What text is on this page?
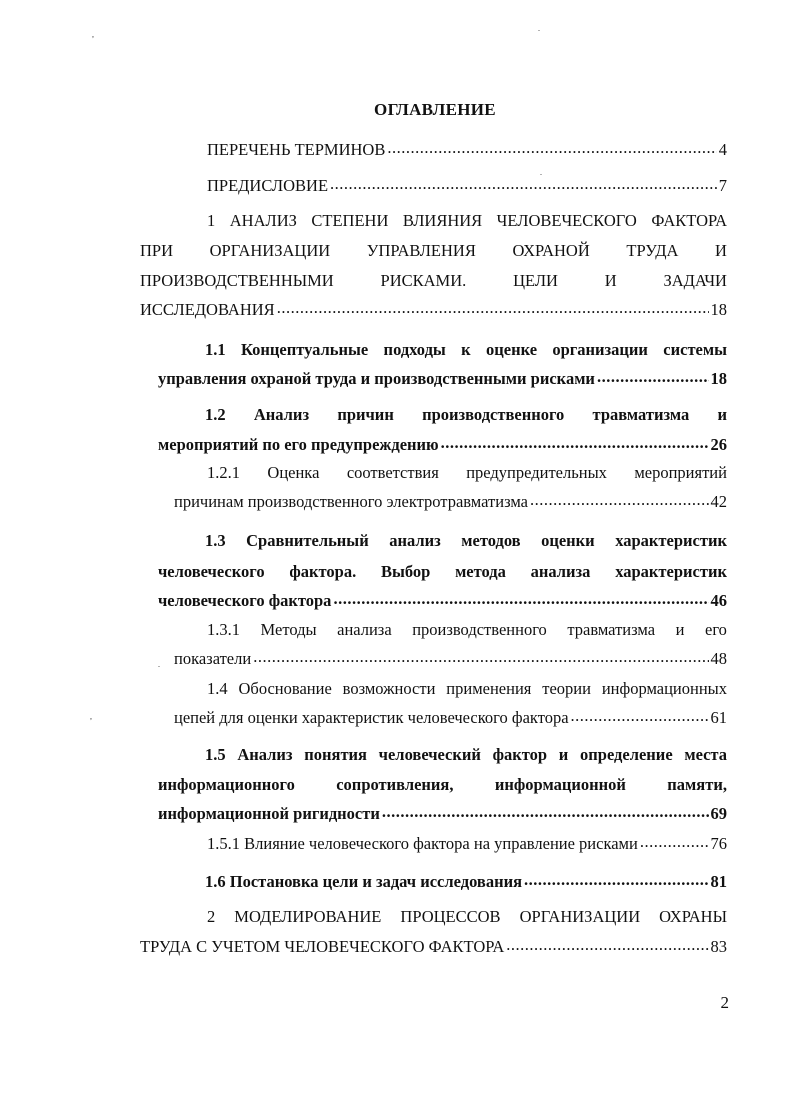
,
.
.
.
,
ОГЛАВЛЕНИЕ
ПЕРЕЧЕНЬ ТЕРМИНОВ .....	4
ПРЕДИСЛОВИЕ .....	7
1 АНАЛИЗ СТЕПЕНИ ВЛИЯНИЯ ЧЕЛОВЕЧЕСКОГО ФАКТОРА
ПРИ ОРГАНИЗАЦИИ УПРАВЛЕНИЯ ОХРАНОЙ ТРУДА И
ПРОИЗВОДСТВЕННЫМИ	РИСКАМИ.	ЦЕЛИ	И	ЗАДАЧИ
ИССЛЕДОВАНИЯ .....	18
1.1 Концептуальные подходы к оценке организации системы
управления охраной труда и производственными рисками .....	18
1.2 Анализ причин производственного травматизма и
мероприятий по его предупреждению .....	26
1.2.1 Оценка соответствия предупредительных мероприятий
причинам производственного электротравматизма .....	42
1.3 Сравнительный анализ методов оценки характеристик
человеческого фактора. Выбор метода анализа характеристик
человеческого фактора .....	46
1.3.1 Методы анализа производственного травматизма и его
показатели .....	48
1.4 Обоснование возможности применения теории информационных
цепей для оценки характеристик человеческого фактора .....	61
1.5 Анализ понятия человеческий фактор и определение места
информационного	сопротивления,	информационной	памяти,
информационной ригидности .....	69
1.5.1 Влияние человеческого фактора на управление рисками .....	76
1.6 Постановка цели и задач исследования .....	81
2 МОДЕЛИРОВАНИЕ ПРОЦЕССОВ ОРГАНИЗАЦИИ ОХРАНЫ
ТРУДА С УЧЕТОМ ЧЕЛОВЕЧЕСКОГО ФАКТОРА .....	83
2
